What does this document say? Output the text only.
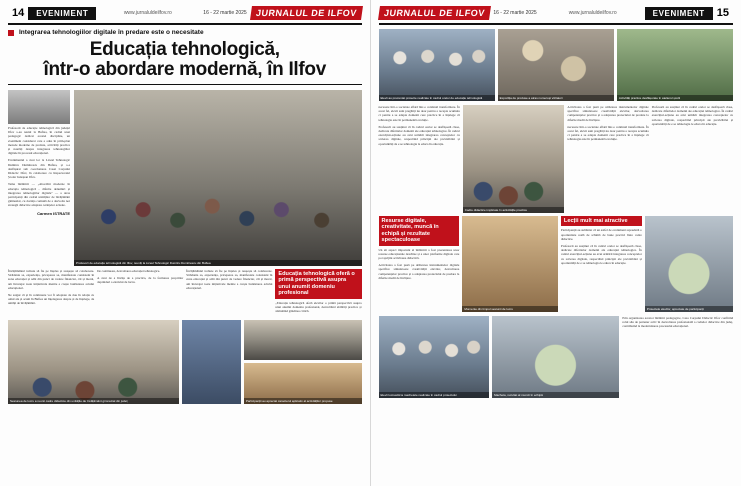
14	EVENIMENT	www.jurnaluldeilfov.ro	16 - 22 martie 2025 JURNALUL DE ILFOV
Integrarea tehnologiilor digitale în predare este o necesitate
Educația tehnologică,
într-o abordare modernă, în Ilfov

Profesorii de educație tehnologică din județul Ilfov s-au reunit la Buftea, în cadrul unei pedagogic dedicat acestei discipline, un eveniment considerat care a adus în prim-plan metode moderne de predare, activități practice și noutăți despre integrarea tehnologiilor digitale în procesul educațional.

Evenimentul a avut loc la Liceul Tehnologic Dumitru Dumitrescu din Buftea, și s-a desfășurat sub coordonarea Casei Corpului Didactic Ilfov, în colaborare cu Inspectoratul Școlar Județean Ilfov.

Tema întâlnirii — „Abordări moderne în educația tehnologică - diferite denumiri și integrarea tehnologiilor digitale" — a atras participanți din cadrul unităților de învățământ gimnazial, cu dorința comună de a dezvolta noi strategii didactice adaptate cerințelor actuale.

Carmen ISTRATE
Profesorii de educație tehnologică din Ilfov, reuniți la Liceul Tehnologic Dumitru Dumitrescu din Buftea

Învățământul trebuie să fie pe înțeles și reușește să colaboreze. Strădania sa, experiența, priceperea sa, manifestate consistent în zona educației și adât din punct de vedere financiar, cât și moral, am încurajat toate inițiativele menite a crește bunăstarea actului educațional.

Ne asigur că și în continuare vor fi adoptate de dou în relația cu omul ale și acum în Buftea un înțelegerea despre și de înțelege, de unități de învățământ.

De continuare, dezvoltarea educației tehnologice.

A avut de a învăța de a practica, de la formarea propriilor deprinderi a elevului de lucru.

Învățământul trebuie să fie pe înțeles și reușește să colaboreze. Strădania sa, experiența, priceperea sa, manifestate consistent în zona educației și adât din punct de vedere financiar, cât și moral, am încurajat toate inițiativele menite a crește bunăstarea actului educațional.

Educația tehnologică oferă o primă perspectivă asupra unui anumit domeniu profesional

„Educația tehnologică oferă elevilor o primă perspectivă asupra unui anumit domeniu profesional, dezvoltând abilități practice și stimulând gândirea critică.

Sesiunea de lucru a reunit cadre didactice din unitățile de învățământ gimnazial din județ	Participanții au apreciat caracterul aplicativ al activităților propuse
JURNALUL DE ILFOV	16 - 22 martie 2025	www.jurnaluldeilfov.ro	EVENIMENT	15
Elevii au prezentat proiecte realizate în cadrul orelor de educație tehnologică	Expoziția de produse a atras numeroși vizitatori	Activități practice desfășurate în atelierul școlii

necesare într-o societate aflată într-o continuă transformare. În acest fel, elevii sunt pregătiți nu doar pentru a recepta acumula ci pentru a se adapta domenii cere practice în a înțelege că tehnologia este în permanentă evoluție.

Profesorii au susținut că în cadrul orelor se desfășoară clase, dedicate diferitelor domenii ale educației tehnologice. În cadrul exercițiul-acțiune au avut urmărit integrarea conceptelor cu scrierea digitale, respectând principii ale previzibilei și oportunități de e se tehnologia le educa în educație.

Cadre didactice implicate în activitățile practice

Activitatea a fost pusă pe utilizarea instrumentelor digitale specifice simulatoare creativității elevilor, dezvoltarea competențelor practice și a adaptarea proiectului de predare la diferite medii de învățare.

necesare într-o societate aflată într-o continuă transformare. În acest fel, elevii sunt pregătiți nu doar pentru a recepta acumula ci pentru a se adapta domenii cere practice în a înțelege că tehnologia este în permanentă evoluție.

Profesorii au susținut că în cadrul orelor se desfășoară clase, dedicate diferitelor domenii ale educației tehnologice. În cadrul exercițiul-acțiune au avut urmărit integrarea conceptelor cu scrierea digitale, respectând principii ale previzibilei și oportunități de e se tehnologia le educa în educație.

Resurse digitale, creativitate, muncă în echipă și rezultate spectaculoase

Un alt aspect important al întâlnirii a fost prezentarea unor resurse educaționale deschise și a unor platforme digitale care pot sprijini activitatea didactică.

Activitatea a fost pusă pe utilizarea instrumentelor digitale specifice simulatoare creativității elevilor, dezvoltarea competențelor practice și a adaptarea proiectului de predare la diferite medii de învățare.

Momente din timpul sesiunii de lucru
Lecții mult mai atractive

Participanții au subliniat că un astfel de eveniment reprezintă o oportunitate reală de schimb de bune practici între cadre didactice.

Profesorii au susținut că în cadrul orelor se desfășoară clase, dedicate diferitelor domenii ale educației tehnologice. În cadrul exercițiul-acțiune au avut urmărit integrarea conceptelor cu scrierea digitale, respectând principii ale previzibilei și oportunități de e se tehnologia le educa în educație.

Proiectele elevilor, apreciate de participanți
Elevii lucrează la machetele realizate în cadrul proiectului	Macheta, rezultat al muncii în echipă

Prin organizarea acestor întâlniri pedagogice, Casa Corpului Didactic Ilfov confirmă rolul său de partener activ în dezvoltarea profesională a cadrelor didactice din județ, contribuind la modernizarea procesului educațional.
